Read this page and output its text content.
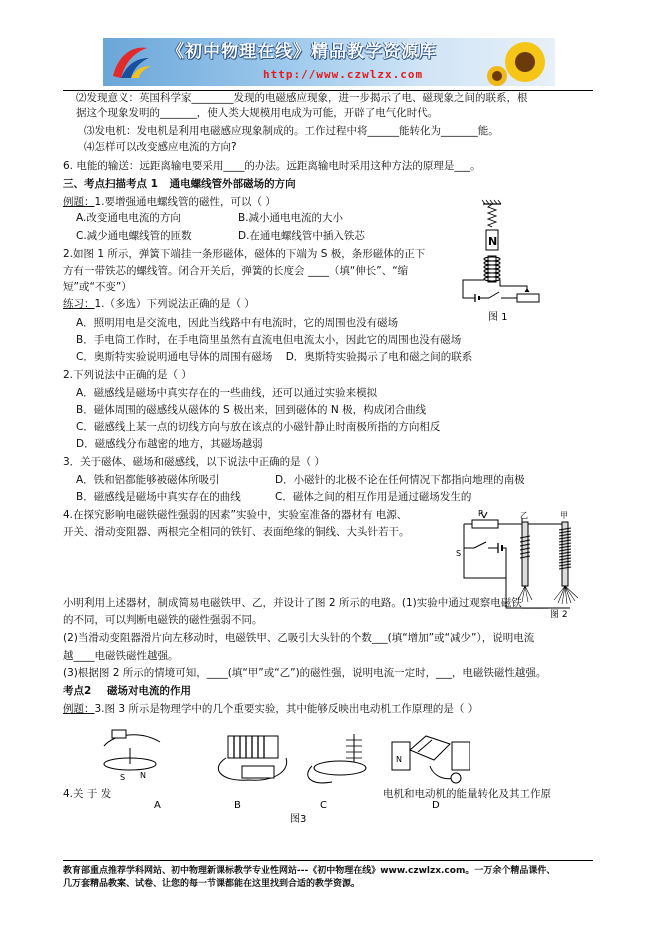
《初中物理在线》精品教学资源库
http://www.czwlzx.com
⑵发现意义：英国科学家________发现的电磁感应现象，进一步揭示了电、磁现象之间的联系，根
据这个现象发明的_______，使人类大规模用电成为可能，开辟了电气化时代。
⑶发电机：发电机是利用电磁感应现象制成的。工作过程中将______能转化为_______能。
⑷怎样可以改变感应电流的方向?
6. 电能的输送：远距离输电要采用____的办法。远距离输电时采用这种方法的原理是___。
三、考点扫描考点 1 通电螺线管外部磁场的方向
例题：1.要增强通电螺线管的磁性，可以（ ）
A.改变通电电流的方向	B.减小通电电流的大小
C.减少通电螺线管的匝数	D.在通电螺线管中插入铁芯
2.如图 1 所示，弹簧下端挂一条形磁体，磁体的下端为 S 极，条形磁体的正下
方有一带铁芯的螺线管。闭合开关后，弹簧的长度会 ____（填“伸长”、“缩
短”或“不变”）
N
图 1
练习：1.（多选）下列说法正确的是（ ）
A．照明用电是交流电，因此当线路中有电流时，它的周围也没有磁场
B．手电筒工作时，在手电筒里虽然有直流电但电流太小，因此它的周围也没有磁场
C．奥斯特实验说明通电导体的周围有磁场 D．奥斯特实验揭示了电和磁之间的联系
2.下列说法中正确的是（ ）
A．磁感线是磁场中真实存在的一些曲线，还可以通过实验来模拟
B．磁体周围的磁感线从磁体的 S 极出来，回到磁体的 N 极，构成闭合曲线
C．磁感线上某一点的切线方向与放在该点的小磁针静止时南极所指的方向相反
D．磁感线分布越密的地方，其磁场越弱
3．关于磁体、磁场和磁感线，以下说法中正确的是（ ）
A．铁和铝都能够被磁体所吸引	D．小磁针的北极不论在任何情况下都指向地理的南极
B．磁感线是磁场中真实存在的曲线	C．磁体之间的相互作用是通过磁场发生的
4.在探究影响电磁铁磁性强弱的因素”实验中，实验室准备的器材有 电源、
开关、滑动变阻器、两根完全相同的铁钉、表面绝缘的铜线、大头针若干。
P
S
乙	甲
图 2
小明利用上述器材，制成简易电磁铁甲、乙，并设计了图 2 所示的电路。(1)实验中通过观察电磁铁_____
的不同，可以判断电磁铁的磁性强弱不同。
(2)当滑动变阻器滑片向左移动时，电磁铁甲、乙吸引大头针的个数___(填“增加”或“减少”），说明电流
越____电磁铁磁性越强。
(3)根据图 2 所示的情境可知，____(填“甲”或“乙”)的磁性强，说明电流一定时，___，电磁铁磁性越强。
考点2 磁场对电流的作用
例题：3.图 3 所示是物理学中的几个重要实验，其中能够反映出电动机工作原理的是（ ）
S N
A	B	C
N
D
图3
4.关 于 发	电机和电动机的能量转化及其工作原
教育部重点推荐学科网站、初中物理新课标教学专业性网站---《初中物理在线》www.czwlzx.com。一万余个精品课件、
几万套精品教案、试卷、让您的每一节课都能在这里找到合适的教学资源。
